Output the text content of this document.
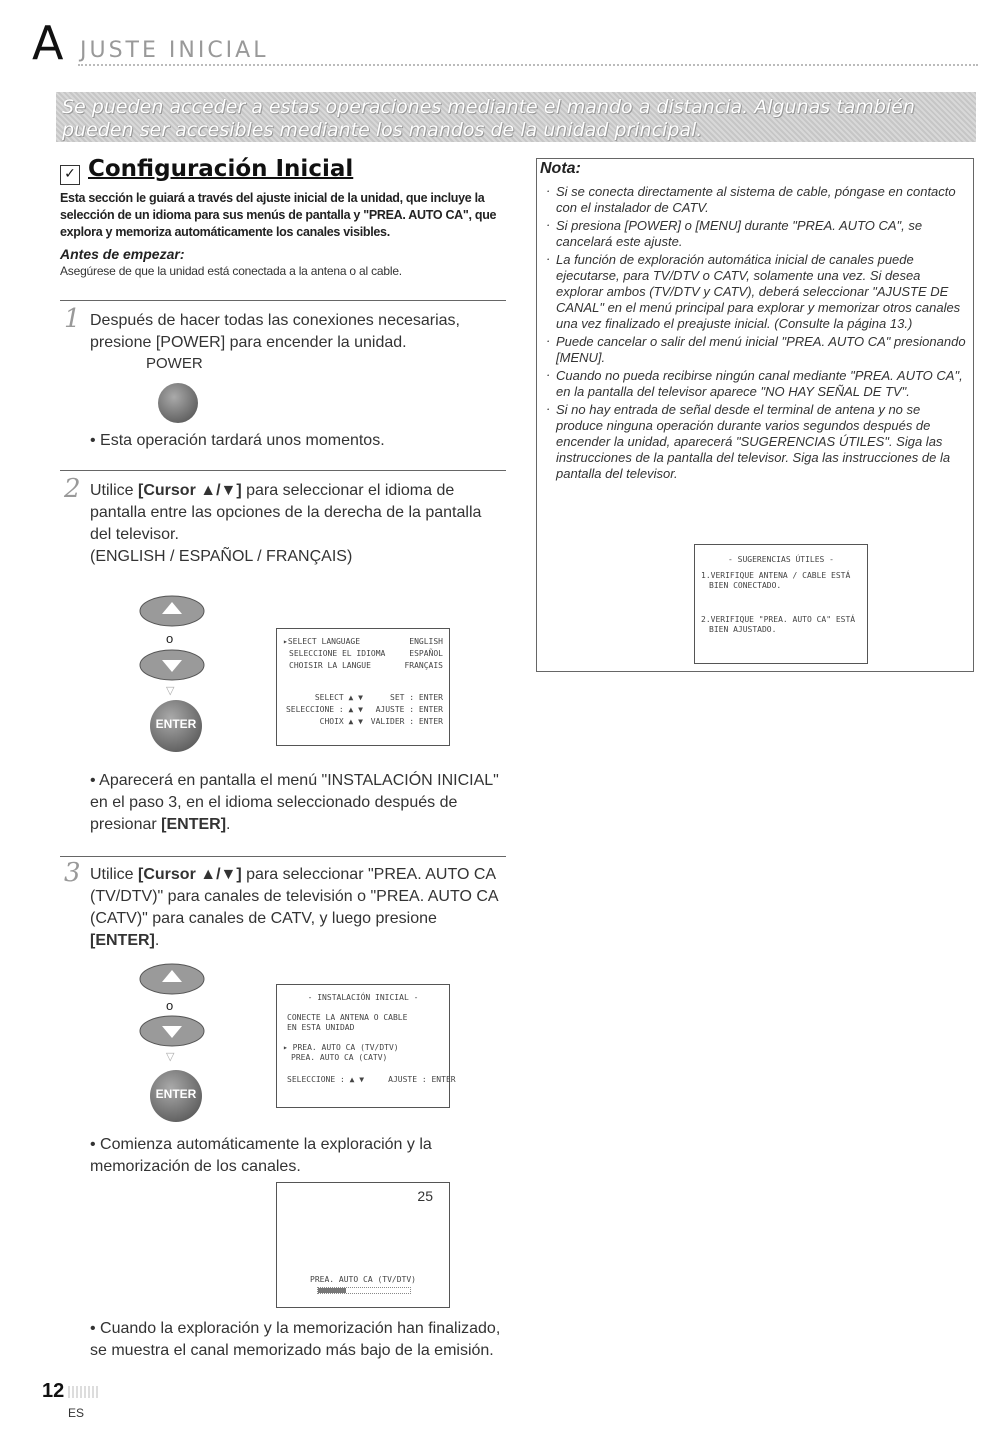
A JUSTE INICIAL
Se pueden acceder a estas operaciones mediante el mando a distancia. Algunas también pueden ser accesibles mediante los mandos de la unidad principal.
✓ Configuración Inicial
Esta sección le guiará a través del ajuste inicial de la unidad, que incluye la selección de un idioma para sus menús de pantalla y "PREA. AUTO CA", que explora y memoriza automáticamente los canales visibles.
Antes de empezar:
Asegúrese de que la unidad está conectada a la antena o al cable.
1 Después de hacer todas las conexiones necesarias, presione [POWER] para encender la unidad.
POWER
• Esta operación tardará unos momentos.
2 Utilice [Cursor ▲/▼] para seleccionar el idioma de pantalla entre las opciones de la derecha de la pantalla del televisor.
(ENGLISH / ESPAÑOL / FRANÇAIS)
o
▽
ENTER
▸SELECT LANGUAGE	ENGLISH
SELECCIONE EL IDIOMA	ESPAÑOL
CHOISIR LA LANGUE	FRANÇAIS
SELECT ▲ ▼	SET : ENTER
SELECCIONE : ▲ ▼ AJUSTE : ENTER
CHOIX ▲ ▼ VALIDER : ENTER
• Aparecerá en pantalla el menú "INSTALACIÓN INICIAL" en el paso 3, en el idioma seleccionado después de presionar [ENTER].
3 Utilice [Cursor ▲/▼] para seleccionar "PREA. AUTO CA (TV/DTV)" para canales de televisión o "PREA. AUTO CA (CATV)" para canales de CATV, y luego presione [ENTER].
o
▽
ENTER
- INSTALACIÓN INICIAL -
CONECTE LA ANTENA O CABLE
EN ESTA UNIDAD
▸ PREA. AUTO CA (TV/DTV)
PREA. AUTO CA (CATV)
SELECCIONE : ▲ ▼     AJUSTE : ENTER
• Comienza automáticamente la exploración y la memorización de los canales.
25
PREA. AUTO CA (TV/DTV)
• Cuando la exploración y la memorización han finalizado, se muestra el canal memorizado más bajo de la emisión.
Nota:
· Si se conecta directamente al sistema de cable, póngase en contacto con el instalador de CATV.
· Si presiona [POWER] o [MENU] durante "PREA. AUTO CA", se cancelará este ajuste.
· La función de exploración automática inicial de canales puede ejecutarse, para TV/DTV o CATV, solamente una vez. Si desea explorar ambos (TV/DTV y CATV), deberá seleccionar "AJUSTE DE CANAL" en el menú principal para explorar y memorizar otros canales una vez finalizado el preajuste inicial. (Consulte la página 13.)
· Puede cancelar o salir del menú inicial "PREA. AUTO CA" presionando [MENU].
· Cuando no pueda recibirse ningún canal mediante "PREA. AUTO CA", en la pantalla del televisor aparece "NO HAY SEÑAL DE TV".
· Si no hay entrada de señal desde el terminal de antena y no se produce ninguna operación durante varios segundos después de encender la unidad, aparecerá "SUGERENCIAS ÚTILES". Siga las instrucciones de la pantalla del televisor. Siga las instrucciones de la pantalla del televisor.
- SUGERENCIAS ÚTILES -
1.VERIFIQUE ANTENA / CABLE ESTÁ
BIEN CONECTADO.
2.VERIFIQUE "PREA. AUTO CA" ESTÁ
BIEN AJUSTADO.
12
ES
